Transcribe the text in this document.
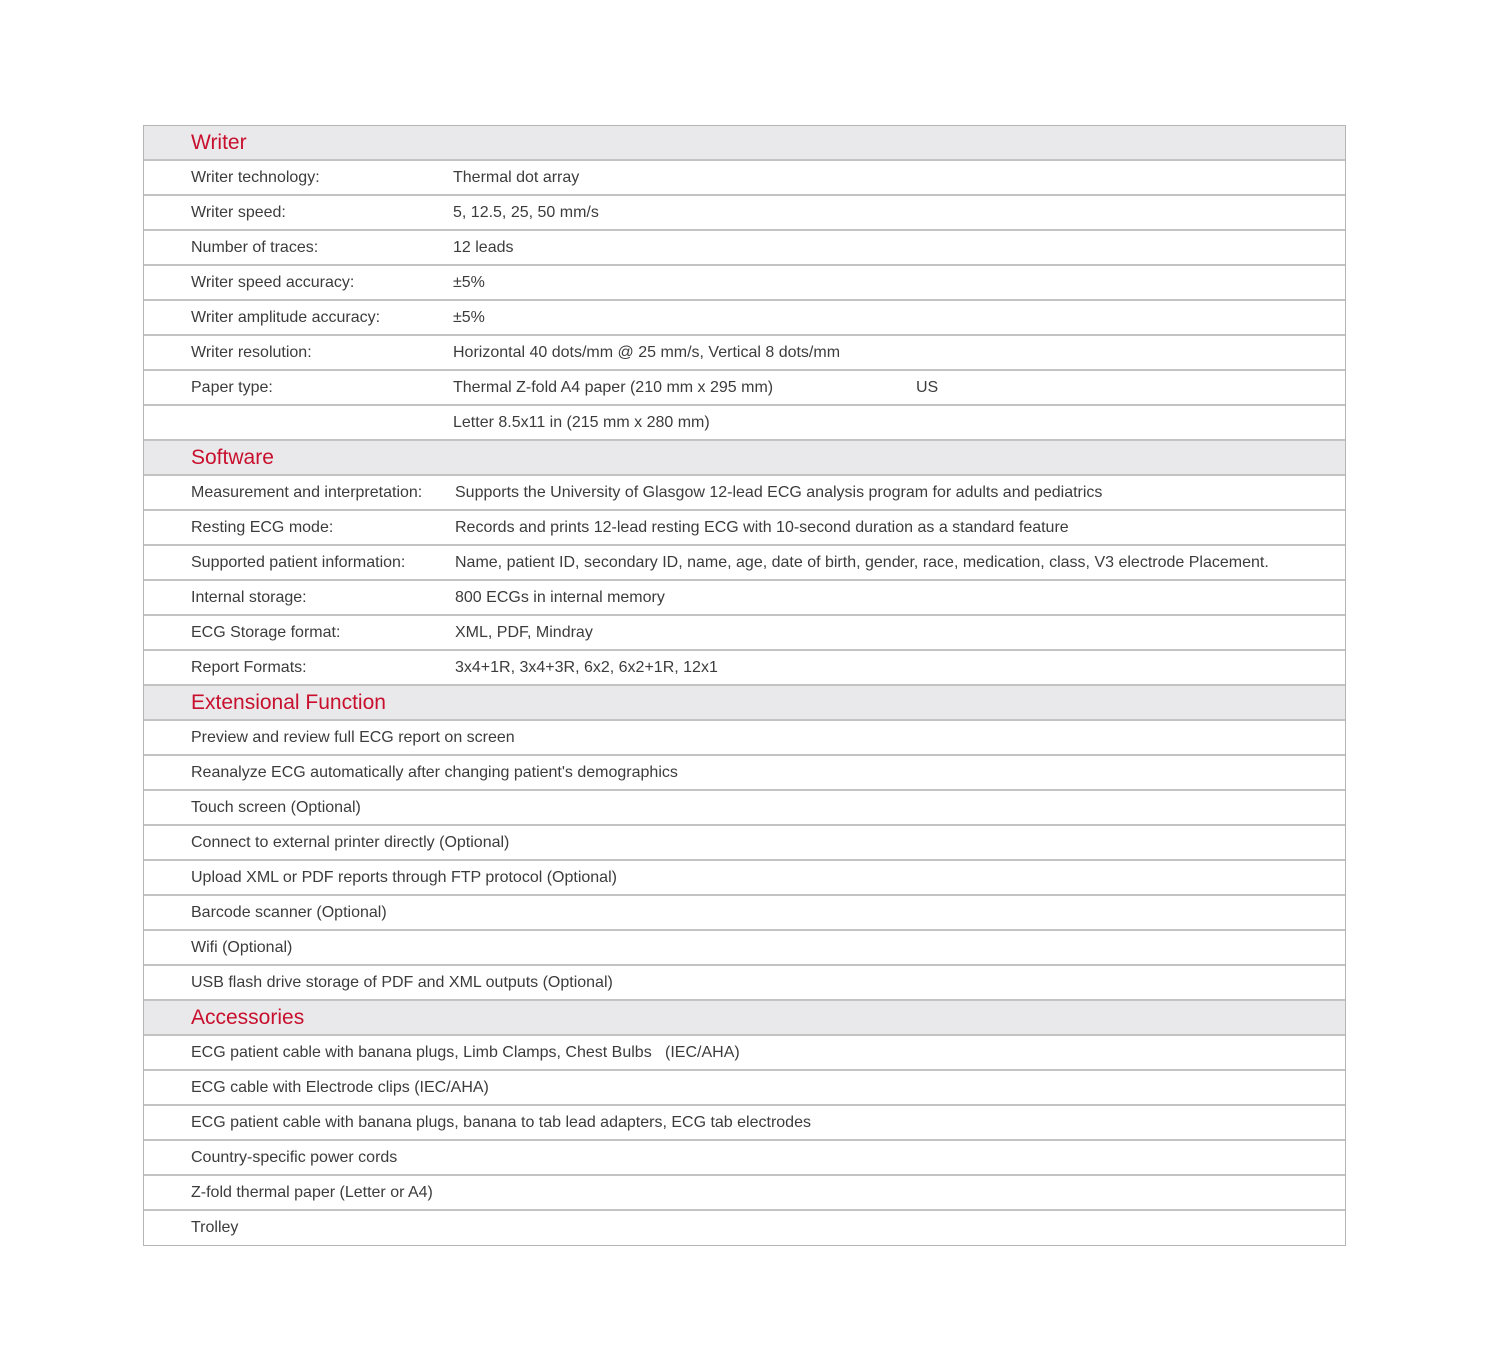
Writer
Writer technology:	Thermal dot array
Writer speed:	5, 12.5, 25, 50 mm/s
Number of traces:	12 leads
Writer speed accuracy:	±5%
Writer amplitude accuracy:	±5%
Writer resolution:	Horizontal 40 dots/mm @ 25 mm/s, Vertical 8 dots/mm
Paper type:	Thermal Z-fold A4 paper (210 mm x 295 mm)	US
Letter 8.5x11 in (215 mm x 280 mm)
Software
Measurement and interpretation: Supports the University of Glasgow 12-lead ECG analysis program for adults and pediatrics
Resting ECG mode:	Records and prints 12-lead resting ECG with 10-second duration as a standard feature
Supported patient information:	Name, patient ID, secondary ID, name, age, date of birth, gender, race, medication, class, V3 electrode Placement.
Internal storage:	800 ECGs in internal memory
ECG Storage format:	XML, PDF, Mindray
Report Formats:	3x4+1R, 3x4+3R, 6x2, 6x2+1R, 12x1
Extensional Function
Preview and review full ECG report on screen
Reanalyze ECG automatically after changing patient's demographics
Touch screen (Optional)
Connect to external printer directly (Optional)
Upload XML or PDF reports through FTP protocol (Optional)
Barcode scanner (Optional)
Wifi (Optional)
USB flash drive storage of PDF and XML outputs (Optional)
Accessories
ECG patient cable with banana plugs, Limb Clamps, Chest Bulbs   (IEC/AHA)
ECG cable with Electrode clips (IEC/AHA)
ECG patient cable with banana plugs, banana to tab lead adapters, ECG tab electrodes
Country-specific power cords
Z-fold thermal paper (Letter or A4)
Trolley
